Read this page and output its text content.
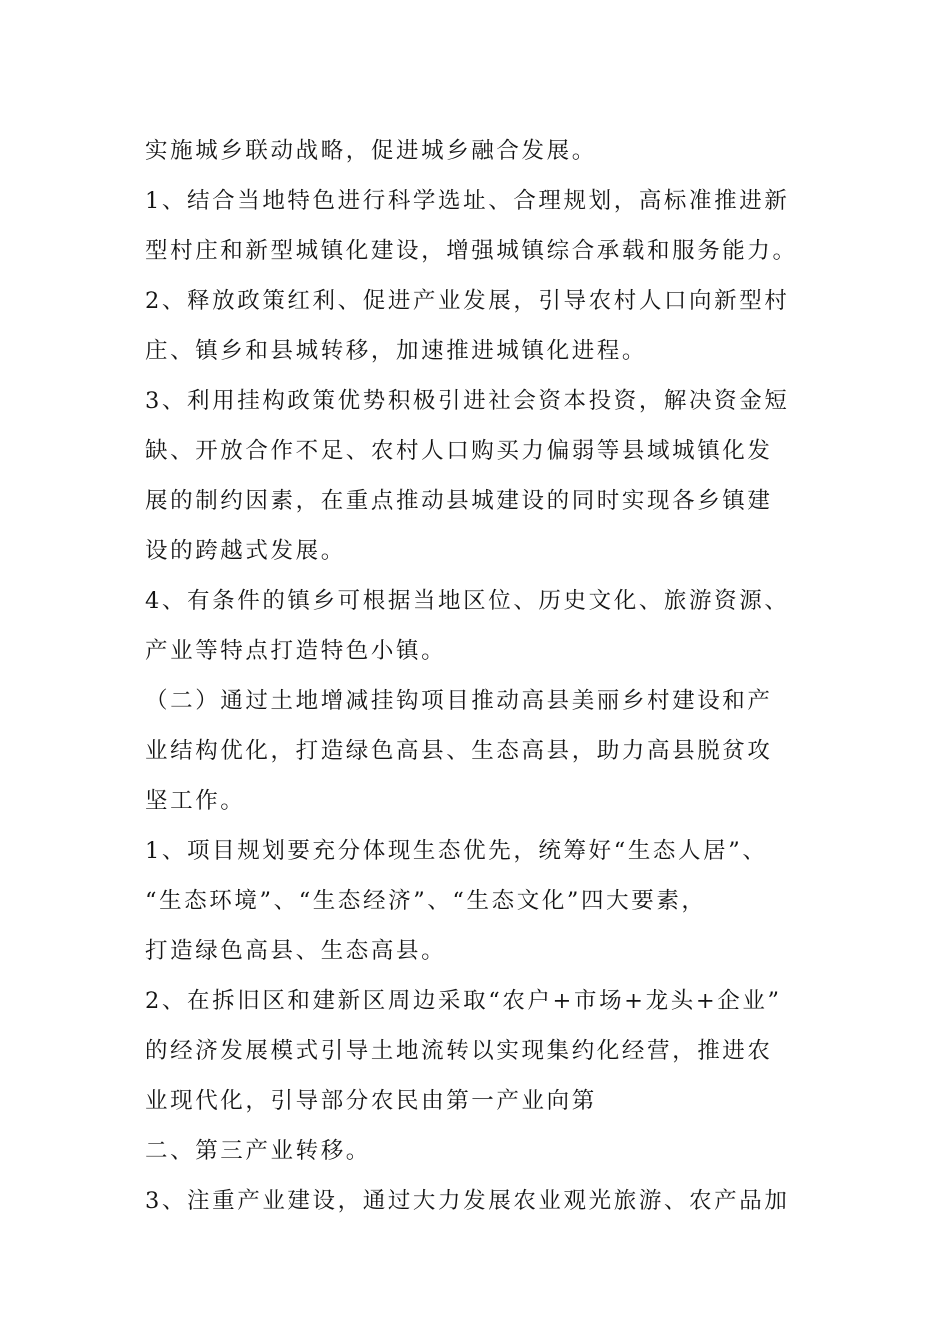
实施城乡联动战略，促进城乡融合发展。
1、结合当地特色进行科学选址、合理规划，高标准推进新
型村庄和新型城镇化建设，增强城镇综合承载和服务能力。
2、释放政策红利、促进产业发展，引导农村人口向新型村
庄、镇乡和县城转移，加速推进城镇化进程。
3、利用挂构政策优势积极引进社会资本投资，解决资金短
缺、开放合作不足、农村人口购买力偏弱等县域城镇化发
展的制约因素，在重点推动县城建设的同时实现各乡镇建
设的跨越式发展。
4、有条件的镇乡可根据当地区位、历史文化、旅游资源、
产业等特点打造特色小镇。
（二）通过土地增减挂钩项目推动高县美丽乡村建设和产
业结构优化，打造绿色高县、生态高县，助力高县脱贫攻
坚工作。
1、项目规划要充分体现生态优先，统筹好“生态人居”、
“生态环境”、“生态经济”、“生态文化”四大要素，
打造绿色高县、生态高县。
2、在拆旧区和建新区周边采取“农户+市场+龙头+企业”
的经济发展模式引导土地流转以实现集约化经营，推进农
业现代化，引导部分农民由第一产业向第
二、第三产业转移。
3、注重产业建设，通过大力发展农业观光旅游、农产品加
